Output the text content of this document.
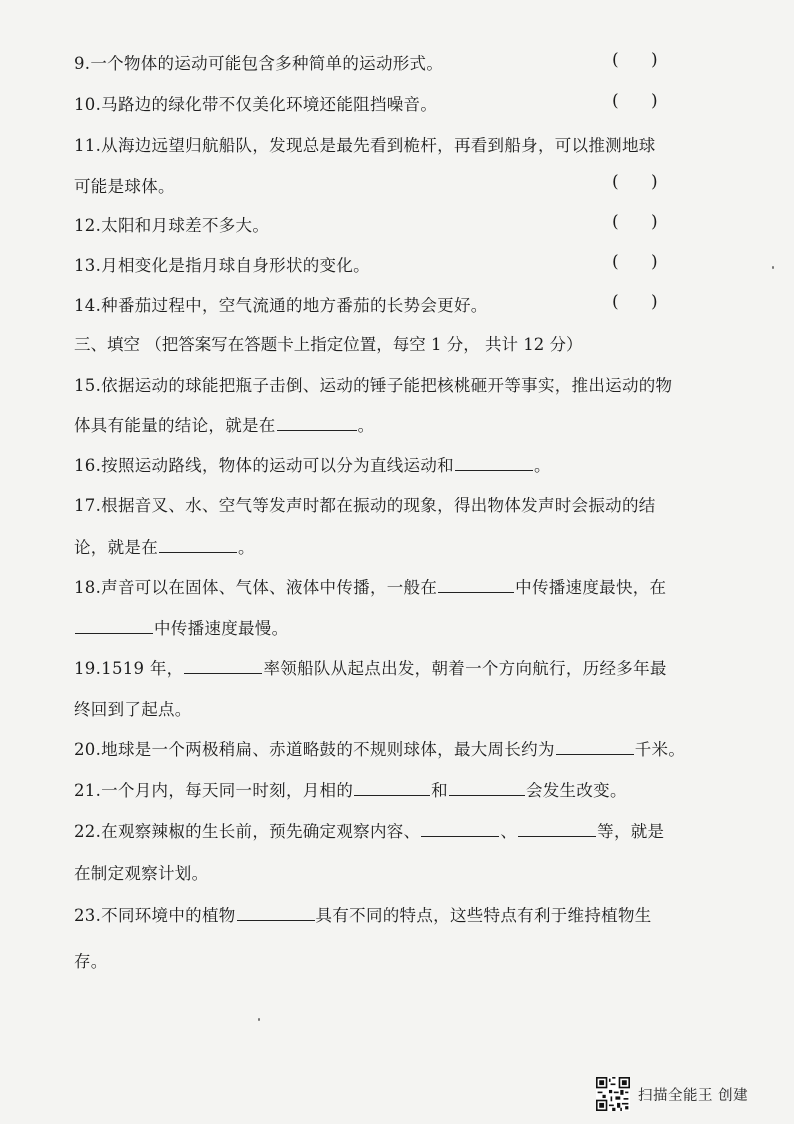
9.一个物体的运动可能包含多种简单的运动形式。	(      )
10.马路边的绿化带不仅美化环境还能阻挡噪音。	(      )
11.从海边远望归航船队，发现总是最先看到桅杆，再看到船身，可以推测地球
可能是球体。	(      )
12.太阳和月球差不多大。	(      )
13.月相变化是指月球自身形状的变化。	(      )
14.种番茄过程中，空气流通的地方番茄的长势会更好。	(      )
三、填空 （把答案写在答题卡上指定位置，每空 1 分， 共计 12 分）
15.依据运动的球能把瓶子击倒、运动的锤子能把核桃砸开等事实，推出运动的物
体具有能量的结论，就是在	。
16.按照运动路线，物体的运动可以分为直线运动和	。
17.根据音叉、水、空气等发声时都在振动的现象，得出物体发声时会振动的结
论，就是在	。
18.声音可以在固体、气体、液体中传播，一般在	中传播速度最快，在
中传播速度最慢。
19.1519 年，	率领船队从起点出发，朝着一个方向航行，历经多年最
终回到了起点。
20.地球是一个两极稍扁、赤道略鼓的不规则球体，最大周长约为	千米。
21.一个月内，每天同一时刻，月相的	和	会发生改变。
22.在观察辣椒的生长前，预先确定观察内容、	、	等，就是
在制定观察计划。
23.不同环境中的植物	具有不同的特点，这些特点有利于维持植物生
存。
扫描全能王 创建
